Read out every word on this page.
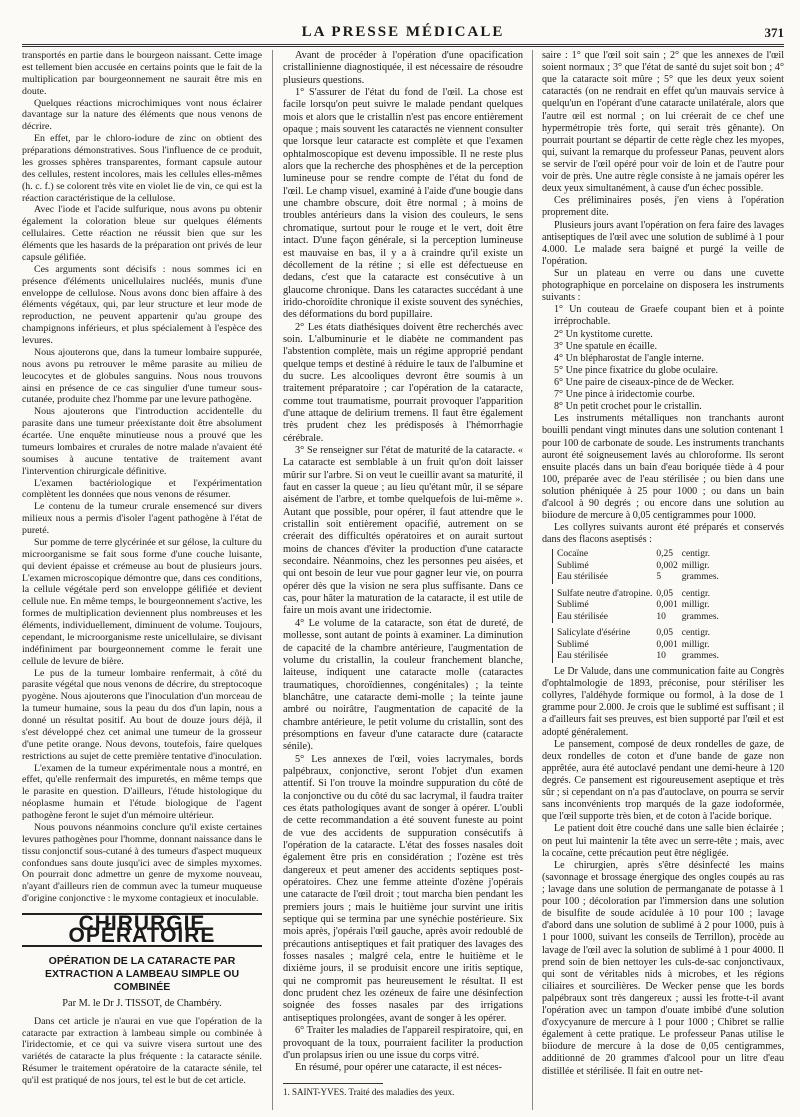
LA PRESSE MÉDICALE	371

transportés en partie dans le bourgeon naissant. Cette image est tellement bien accusée en certains points que le fait de la multiplication par bourgeonnement ne saurait être mis en doute.

Quelques réactions microchimiques vont nous éclairer davantage sur la nature des éléments que nous venons de décrire.

En effet, par le chloro-iodure de zinc on obtient des préparations démonstratives. Sous l'influence de ce produit, les grosses sphères transparentes, formant capsule autour des cellules, restent incolores, mais les cellules elles-mêmes (h. c. f.) se colorent très vite en violet lie de vin, ce qui est la réaction caractéristique de la cellulose.

Avec l'iode et l'acide sulfurique, nous avons pu obtenir également la coloration bleue sur quelques éléments cellulaires. Cette réaction ne réussit bien que sur les éléments que les hasards de la préparation ont privés de leur capsule gélifiée.

Ces arguments sont décisifs : nous sommes ici en présence d'éléments unicellulaires nucléés, munis d'une enveloppe de cellulose. Nous avons donc bien affaire à des éléments végétaux, qui, par leur structure et leur mode de reproduction, ne peuvent appartenir qu'au groupe des champignons inférieurs, et plus spécialement à l'espèce des levures.

Nous ajouterons que, dans la tumeur lombaire suppurée, nous avons pu retrouver le même parasite au milieu de leucocytes et de globules sanguins. Nous nous trouvons ainsi en présence de ce cas singulier d'une tumeur sous-cutanée, produite chez l'homme par une levure pathogène.

Nous ajouterons que l'introduction accidentelle du parasite dans une tumeur préexistante doit être absolument écartée. Une enquête minutieuse nous a prouvé que les tumeurs lombaires et crurales de notre malade n'avaient été soumises à aucune tentative de traitement avant l'intervention chirurgicale définitive.

L'examen bactériologique et l'expérimentation complètent les données que nous venons de résumer.

Le contenu de la tumeur crurale ensemencé sur divers milieux nous a permis d'isoler l'agent pathogène à l'état de pureté.

Sur pomme de terre glycérinée et sur gélose, la culture du microorganisme se fait sous forme d'une couche luisante, qui devient épaisse et crémeuse au bout de plusieurs jours. L'examen microscopique démontre que, dans ces conditions, la cellule végétale perd son enveloppe gélifiée et devient cellule nue. En même temps, le bourgeonnement s'active, les formes de multiplication deviennent plus nombreuses et les éléments, individuellement, diminuent de volume. Toujours, cependant, le microorganisme reste unicellulaire, se divisant indéfiniment par bourgeonnement comme le ferait une cellule de levure de bière.

Le pus de la tumeur lombaire renfermait, à côté du parasite végétal que nous venons de décrire, du streptocoque pyogène. Nous ajouterons que l'inoculation d'un morceau de la tumeur humaine, sous la peau du dos d'un lapin, nous a donné un résultat positif. Au bout de douze jours déjà, il s'est développé chez cet animal une tumeur de la grosseur d'une petite orange. Nous devons, toutefois, faire quelques restrictions au sujet de cette première tentative d'inoculation.

L'examen de la tumeur expérimentale nous a montré, en effet, qu'elle renfermait des impuretés, en même temps que le parasite en question. D'ailleurs, l'étude histologique du néoplasme humain et l'étude biologique de l'agent pathogène feront le sujet d'un mémoire ultérieur.

Nous pouvons néanmoins conclure qu'il existe certaines levures pathogènes pour l'homme, donnant naissance dans le tissu conjonctif sous-cutané à des tumeurs d'aspect muqueux confondues sans doute jusqu'ici avec de simples myxomes. On pourrait donc admettre un genre de myxome nouveau, n'ayant d'ailleurs rien de commun avec la tumeur muqueuse d'origine conjonctive : le myxome contagieux et inoculable.

CHIRURGIE OPÉRATOIRE
OPÉRATION DE LA CATARACTE PAR EXTRACTION A LAMBEAU SIMPLE OU COMBINÉE
Par M. le Dr J. TISSOT, de Chambéry.

Dans cet article je n'aurai en vue que l'opération de la cataracte par extraction à lambeau simple ou combinée à l'iridectomie, et ce qui va suivre visera surtout une des variétés de cataracte la plus fréquente : la cataracte sénile. Résumer le traitement opératoire de la cataracte sénile, tel qu'il est pratiqué de nos jours, tel est le but de cet article.

Avant de procéder à l'opération d'une opacification cristallinienne diagnostiquée, il est nécessaire de résoudre plusieurs questions.

1° S'assurer de l'état du fond de l'œil. La chose est facile lorsqu'on peut suivre le malade pendant quelques mois et alors que le cristallin n'est pas encore entièrement opaque ; mais souvent les cataractés ne viennent consulter que lorsque leur cataracte est complète et que l'examen ophtalmoscopique est devenu impossible. Il ne reste plus alors que la recherche des phosphènes et de la perception lumineuse pour se rendre compte de l'état du fond de l'œil. Le champ visuel, examiné à l'aide d'une bougie dans une chambre obscure, doit être normal ; à moins de troubles antérieurs dans la vision des couleurs, le sens chromatique, surtout pour le rouge et le vert, doit être intact. D'une façon générale, si la perception lumineuse est mauvaise en bas, il y a à craindre qu'il existe un décollement de la rétine ; si elle est défectueuse en dedans, c'est que la cataracte est consécutive à un glaucome chronique. Dans les cataractes succédant à une irido-choroïdite chronique il existe souvent des synéchies, des déformations du bord pupillaire.

2° Les états diathésiques doivent être recherchés avec soin. L'albuminurie et le diabète ne commandent pas l'abstention complète, mais un régime approprié pendant quelque temps et destiné à réduire le taux de l'albumine et du sucre. Les alcooliques devront être soumis à un traitement préparatoire ; car l'opération de la cataracte, comme tout traumatisme, pourrait provoquer l'apparition d'une attaque de delirium tremens. Il faut être également très prudent chez les prédisposés à l'hémorrhagie cérébrale.

3° Se renseigner sur l'état de maturité de la cataracte. « La cataracte est semblable à un fruit qu'on doit laisser mûrir sur l'arbre. Si on veut le cueillir avant sa maturité, il faut en casser la queue ; au lieu qu'étant mûr, il se sépare aisément de l'arbre, et tombe quelquefois de lui-même ». Autant que possible, pour opérer, il faut attendre que le cristallin soit entièrement opacifié, autrement on se créerait des difficultés opératoires et on aurait surtout moins de chances d'éviter la production d'une cataracte secondaire. Néanmoins, chez les personnes peu aisées, et qui ont besoin de leur vue pour gagner leur vie, on pourra opérer dès que la vision ne sera plus suffisante. Dans ce cas, pour hâter la maturation de la cataracte, il est utile de faire un mois avant une iridectomie.

4° Le volume de la cataracte, son état de dureté, de mollesse, sont autant de points à examiner. La diminution de capacité de la chambre antérieure, l'augmentation de volume du cristallin, la couleur franchement blanche, laiteuse, indiquent une cataracte molle (cataractes traumatiques, choroïdiennes, congénitales) ; la teinte blanchâtre, une cataracte demi-molle ; la teinte jaune ambré ou noirâtre, l'augmentation de capacité de la chambre antérieure, le petit volume du cristallin, sont des présomptions en faveur d'une cataracte dure (cataracte sénile).

5° Les annexes de l'œil, voies lacrymales, bords palpébraux, conjonctive, seront l'objet d'un examen attentif. Si l'on trouve la moindre suppuration du côté de la conjonctive ou du côté du sac lacrymal, il faudra traiter ces états pathologiques avant de songer à opérer. L'oubli de cette recommandation a été souvent funeste au point de vue des accidents de suppuration consécutifs à l'opération de la cataracte. L'état des fosses nasales doit également être pris en considération ; l'ozène est très dangereux et peut amener des accidents septiques post-opératoires. Chez une femme atteinte d'ozène j'opérais une cataracte de l'œil droit ; tout marcha bien pendant les premiers jours ; mais le huitième jour survint une iritis septique qui se termina par une synéchie postérieure. Six mois après, j'opérais l'œil gauche, après avoir redoublé de précautions antiseptiques et fait pratiquer des lavages des fosses nasales ; malgré cela, entre le huitième et le dixième jours, il se produisit encore une iritis septique, qui ne compromit pas heureusement le résultat. Il est donc prudent chez les ozéneux de faire une désinfection soignée des fosses nasales par des irrigations antiseptiques prolongées, avant de songer à les opérer.

6° Traiter les maladies de l'appareil respiratoire, qui, en provoquant de la toux, pourraient faciliter la production d'un prolapsus irien ou une issue du corps vitré.

En résumé, pour opérer une cataracte, il est néces-

1. SAINT-YVES. Traité des maladies des yeux.

saire : 1° que l'œil soit sain ; 2° que les annexes de l'œil soient normaux ; 3° que l'état de santé du sujet soit bon ; 4° que la cataracte soit mûre ; 5° que les deux yeux soient cataractés (on ne rendrait en effet qu'un mauvais service à quelqu'un en l'opérant d'une cataracte unilatérale, alors que l'autre œil est normal ; on lui créerait de ce chef une hypermétropie très forte, qui serait très gênante). On pourrait pourtant se départir de cette règle chez les myopes, qui, suivant la remarque du professeur Panas, peuvent alors se servir de l'œil opéré pour voir de loin et de l'autre pour voir de près. Une autre règle consiste à ne jamais opérer les deux yeux simultanément, à cause d'un échec possible.

Ces préliminaires posés, j'en viens à l'opération proprement dite.

Plusieurs jours avant l'opération on fera faire des lavages antiseptiques de l'œil avec une solution de sublimé à 1 pour 4.000. Le malade sera baigné et purgé la veille de l'opération.

Sur un plateau en verre ou dans une cuvette photographique en porcelaine on disposera les instruments suivants :

1° Un couteau de Graefe coupant bien et à pointe irréprochable.
2° Un kystitome curette.
3° Une spatule en écaille.
4° Un blépharostat de l'angle interne.
5° Une pince fixatrice du globe oculaire.
6° Une paire de ciseaux-pince de de Wecker.
7° Une pince à iridectomie courbe.
8° Un petit crochet pour le cristallin.

Les instruments métalliques non tranchants auront bouilli pendant vingt minutes dans une solution contenant 1 pour 100 de carbonate de soude. Les instruments tranchants auront été soigneusement lavés au chloroforme. Ils seront ensuite placés dans un bain d'eau boriquée tiède à 4 pour 100, préparée avec de l'eau stérilisée ; ou bien dans une solution phéniquée à 25 pour 1000 ; ou dans un bain d'alcool à 90 degrés ; ou encore dans une solution au biiodure de mercure à 0,05 centigrammes pour 1000.

Les collyres suivants auront été préparés et conservés dans des flacons aseptisés :

Cocaïne	0,25	centigr.
Sublimé	0,002	milligr.
Eau stérilisée	5	grammes.

Sulfate neutre d'atropine.	0,05	centigr.
Sublimé	0,001	milligr.
Eau stérilisée	10	grammes.

Salicylate d'ésérine	0,05	centigr.
Sublimé	0,001	milligr.
Eau stérilisée	10	grammes.

Le Dr Valude, dans une communication faite au Congrès d'ophtalmologie de 1893, préconise, pour stériliser les collyres, l'aldéhyde formique ou formol, à la dose de 1 gramme pour 2.000. Je crois que le sublimé est suffisant ; il a d'ailleurs fait ses preuves, est bien supporté par l'œil et est adopté généralement.

Le pansement, composé de deux rondelles de gaze, de deux rondelles de coton et d'une bande de gaze non apprêtée, aura été autoclavé pendant une demi-heure à 120 degrés. Ce pansement est rigoureusement aseptique et très sûr ; si cependant on n'a pas d'autoclave, on pourra se servir sans inconvénients trop marqués de la gaze iodoformée, que l'œil supporte très bien, et de coton à l'acide borique.

Le patient doit être couché dans une salle bien éclairée ; on peut lui maintenir la tête avec un serre-tête ; mais, avec la cocaïne, cette précaution peut être négligée.

Le chirurgien, après s'être désinfecté les mains (savonnage et brossage énergique des ongles coupés au ras ; lavage dans une solution de permanganate de potasse à 1 pour 100 ; décoloration par l'immersion dans une solution de bisulfite de soude acidulée à 10 pour 100 ; lavage d'abord dans une solution de sublimé à 2 pour 1000, puis à 1 pour 1000, suivant les conseils de Terrillon), procède au lavage de l'œil avec la solution de sublimé à 1 pour 4000. Il prend soin de bien nettoyer les culs-de-sac conjonctivaux, qui sont de véritables nids à microbes, et les régions ciliaires et sourcilières. De Wecker pense que les bords palpébraux sont très dangereux ; aussi les frotte-t-il avant l'opération avec un tampon d'ouate imbibé d'une solution d'oxycyanure de mercure à 1 pour 1000 ; Chibret se rallie également à cette pratique. Le professeur Panas utilise le biiodure de mercure à la dose de 0,05 centigrammes, additionné de 20 grammes d'alcool pour un litre d'eau distillée et stérilisée. Il fait en outre net-
